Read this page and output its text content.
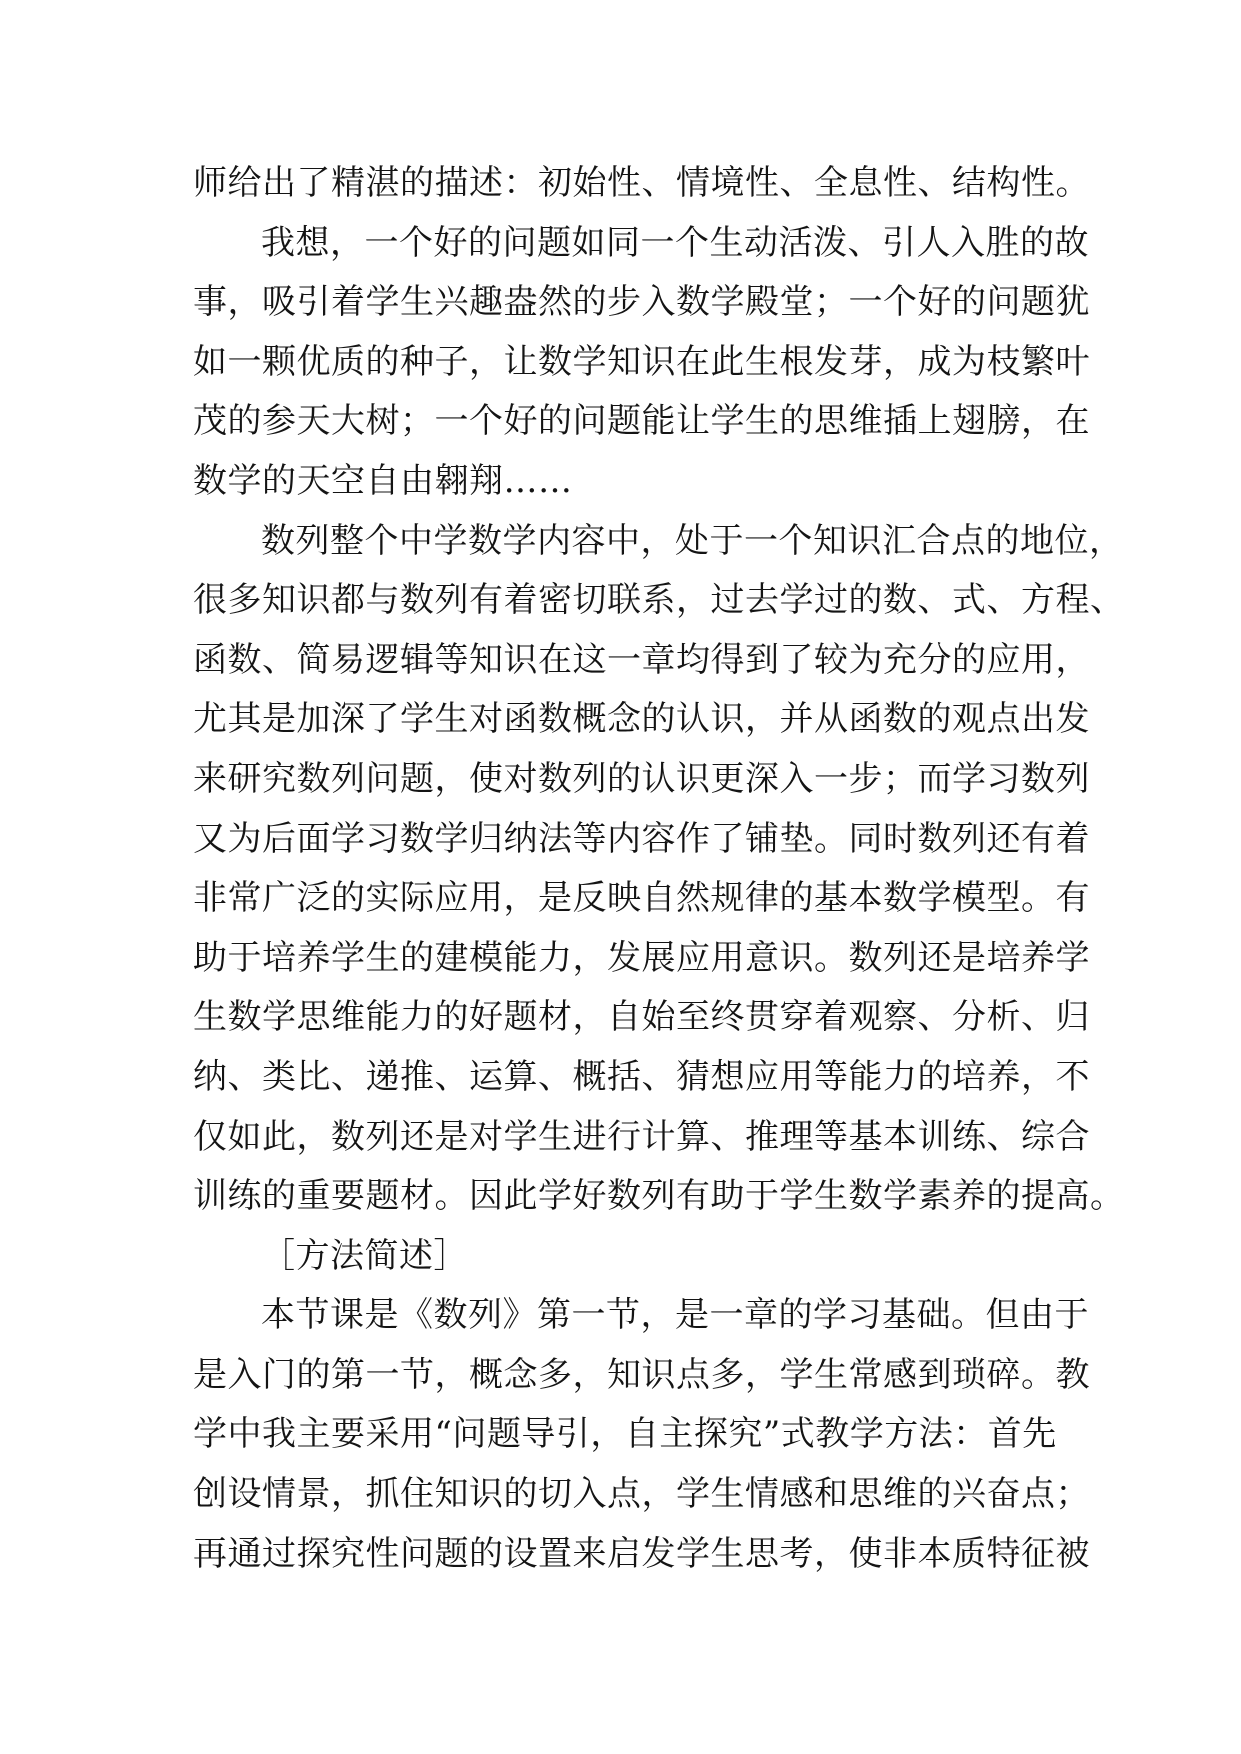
师给出了精湛的描述：初始性、情境性、全息性、结构性。
我想，一个好的问题如同一个生动活泼、引人入胜的故
事，吸引着学生兴趣盎然的步入数学殿堂；一个好的问题犹
如一颗优质的种子，让数学知识在此生根发芽，成为枝繁叶
茂的参天大树；一个好的问题能让学生的思维插上翅膀，在
数学的天空自由翱翔……
数列整个中学数学内容中，处于一个知识汇合点的地位，
很多知识都与数列有着密切联系，过去学过的数、式、方程、
函数、简易逻辑等知识在这一章均得到了较为充分的应用，
尤其是加深了学生对函数概念的认识，并从函数的观点出发
来研究数列问题，使对数列的认识更深入一步；而学习数列
又为后面学习数学归纳法等内容作了铺垫。同时数列还有着
非常广泛的实际应用，是反映自然规律的基本数学模型。有
助于培养学生的建模能力，发展应用意识。数列还是培养学
生数学思维能力的好题材，自始至终贯穿着观察、分析、归
纳、类比、递推、运算、概括、猜想应用等能力的培养，不
仅如此，数列还是对学生进行计算、推理等基本训练、综合
训练的重要题材。因此学好数列有助于学生数学素养的提高。
［方法简述］
本节课是《数列》第一节，是一章的学习基础。但由于
是入门的第一节，概念多，知识点多，学生常感到琐碎。教
学中我主要采用“问题导引，自主探究”式教学方法：首先
创设情景，抓住知识的切入点，学生情感和思维的兴奋点；
再通过探究性问题的设置来启发学生思考，使非本质特征被
